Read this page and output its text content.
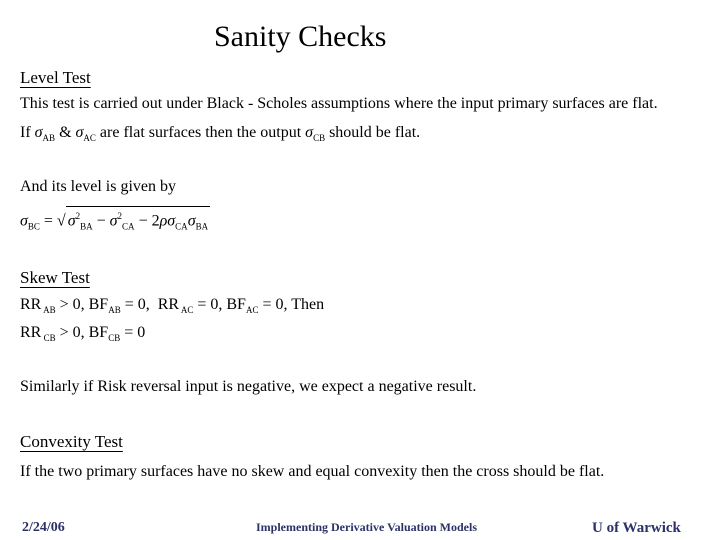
Sanity Checks
Level Test
This test is carried out under Black - Scholes assumptions where the input primary surfaces are flat.
If $\sigma_{AB}$ & $\sigma_{AC}$ are flat surfaces then the output $\sigma_{CB}$ should be flat.
And its level is given by
$\sigma_{BC}$ = √ $\sigma^2_{BA} - \sigma^2_{CA} - 2\rho\sigma_{CA}\sigma_{BA}$
Skew Test
RR $_{AB}$ > 0, $BF_{AB} = 0$,  RR $_{AC}$ = 0, $BF_{AC} = 0$, Then
RR $_{CB}$ > 0, $BF_{CB} = 0$
Similarly if Risk reversal input is negative, we expect a negative result.
Convexity Test
If the two primary surfaces have no skew and equal convexity then the cross should be flat.
2/24/06	Implementing Derivative Valuation Models	U of Warwick
